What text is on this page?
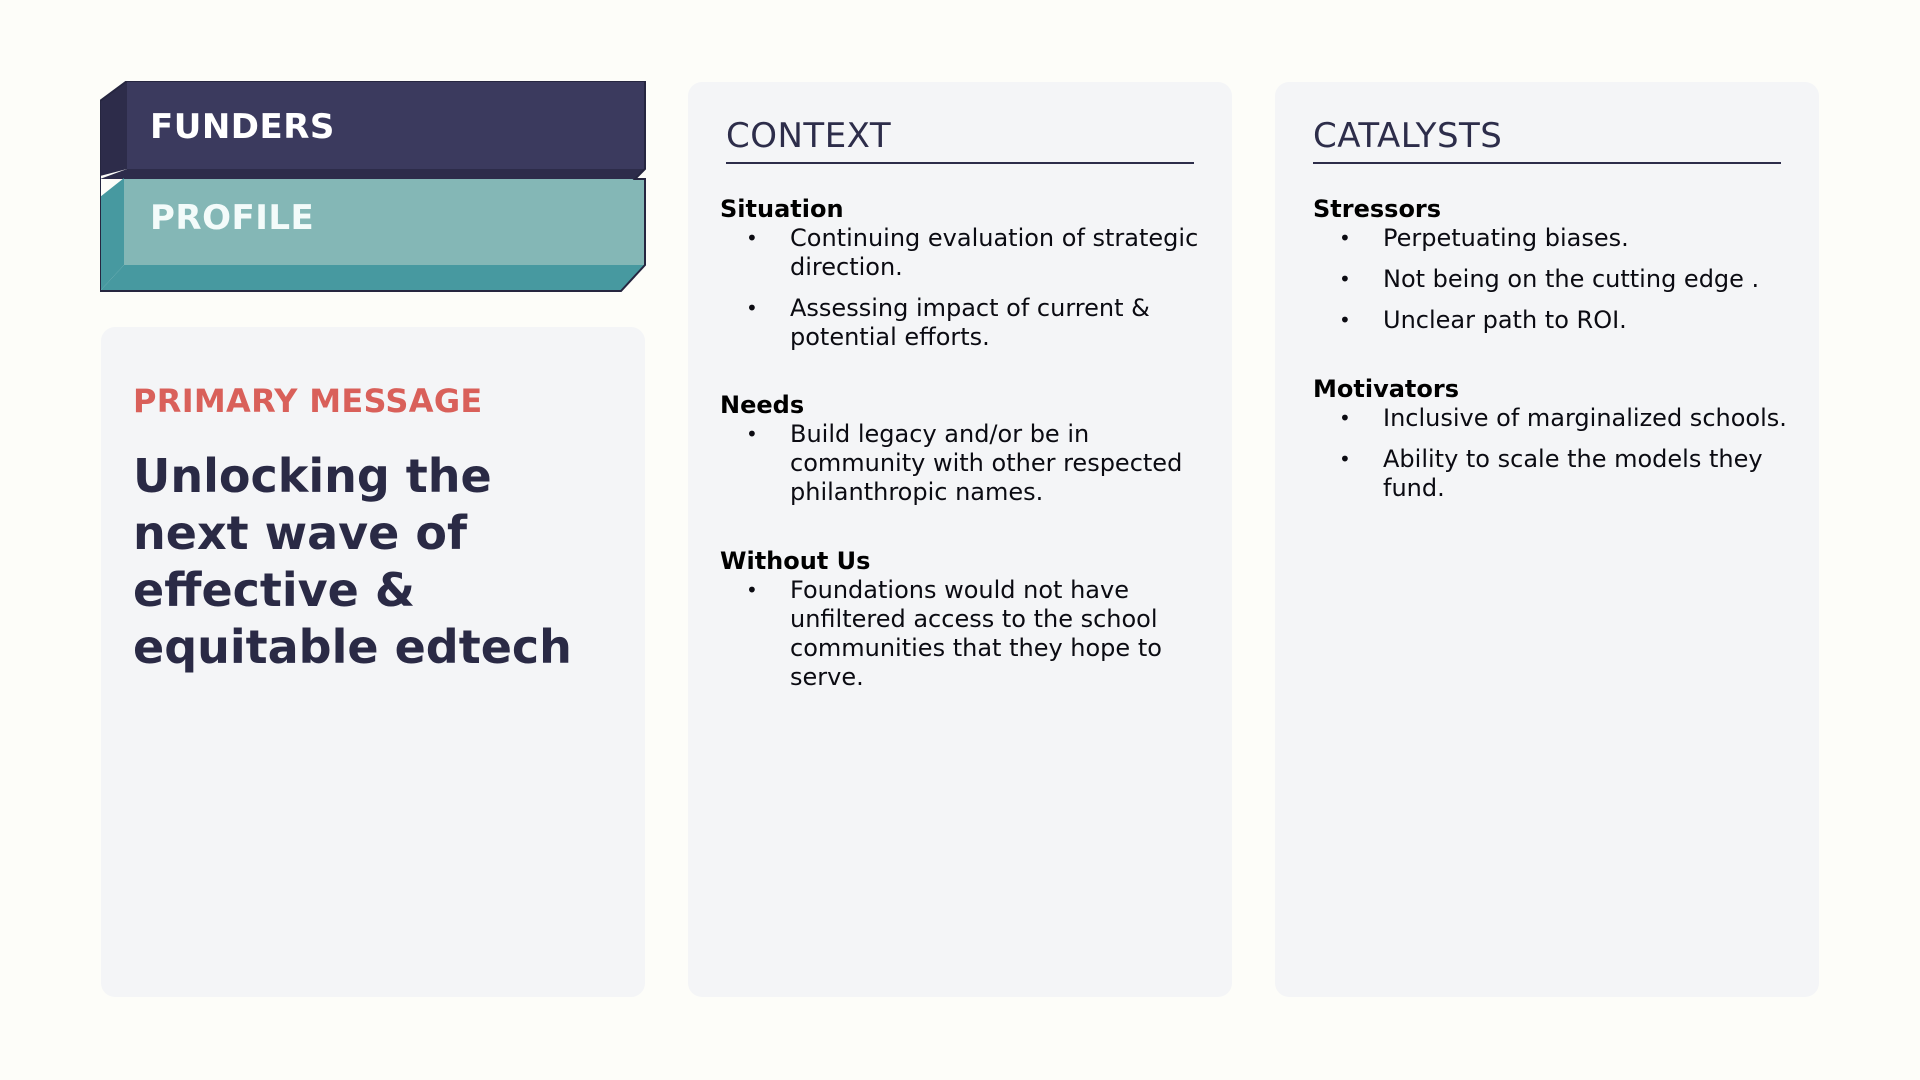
FUNDERS

PROFILE

PRIMARY MESSAGE

Unlocking the next wave of effective & equitable edtech

CONTEXT

Situation

• Continuing evaluation of strategic direction.
• Assessing impact of current & potential efforts.

Needs

• Build legacy and/or be in community with other respected philanthropic names.

Without Us

• Foundations would not have unfiltered access to the school communities that they hope to serve.

CATALYSTS

Stressors

• Perpetuating biases.
• Not being on the cutting edge .
• Unclear path to ROI.

Motivators

• Inclusive of marginalized schools.
• Ability to scale the models they fund.
